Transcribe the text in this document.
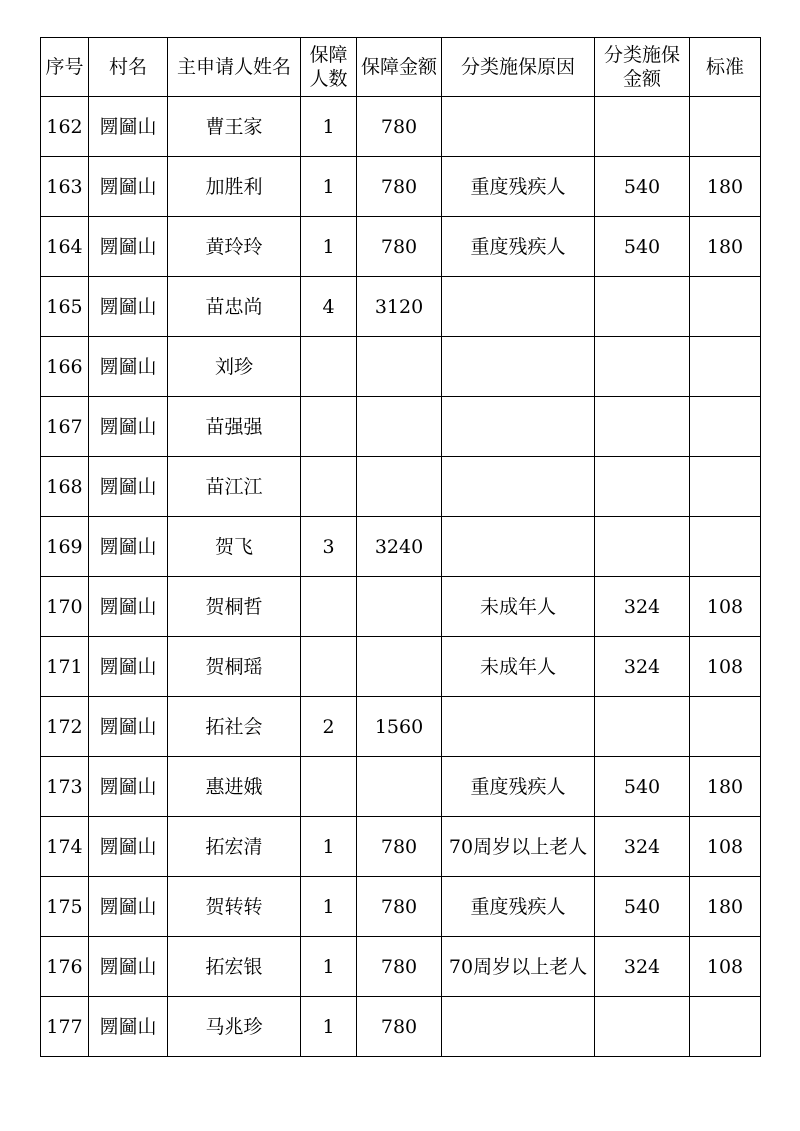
序号	村名	主申请人姓名	保障人数	保障金额	分类施保原因	分类施保金额	标准
162	圐圙山	曹王家	1	780			
163	圐圙山	加胜利	1	780	重度残疾人	540	180
164	圐圙山	黄玲玲	1	780	重度残疾人	540	180
165	圐圙山	苗忠尚	4	3120			
166	圐圙山	刘珍					
167	圐圙山	苗强强					
168	圐圙山	苗江江					
169	圐圙山	贺飞	3	3240			
170	圐圙山	贺桐哲			未成年人	324	108
171	圐圙山	贺桐瑶			未成年人	324	108
172	圐圙山	拓社会	2	1560			
173	圐圙山	惠进娥			重度残疾人	540	180
174	圐圙山	拓宏清	1	780	70周岁以上老人	324	108
175	圐圙山	贺转转	1	780	重度残疾人	540	180
176	圐圙山	拓宏银	1	780	70周岁以上老人	324	108
177	圐圙山	马兆珍	1	780			
